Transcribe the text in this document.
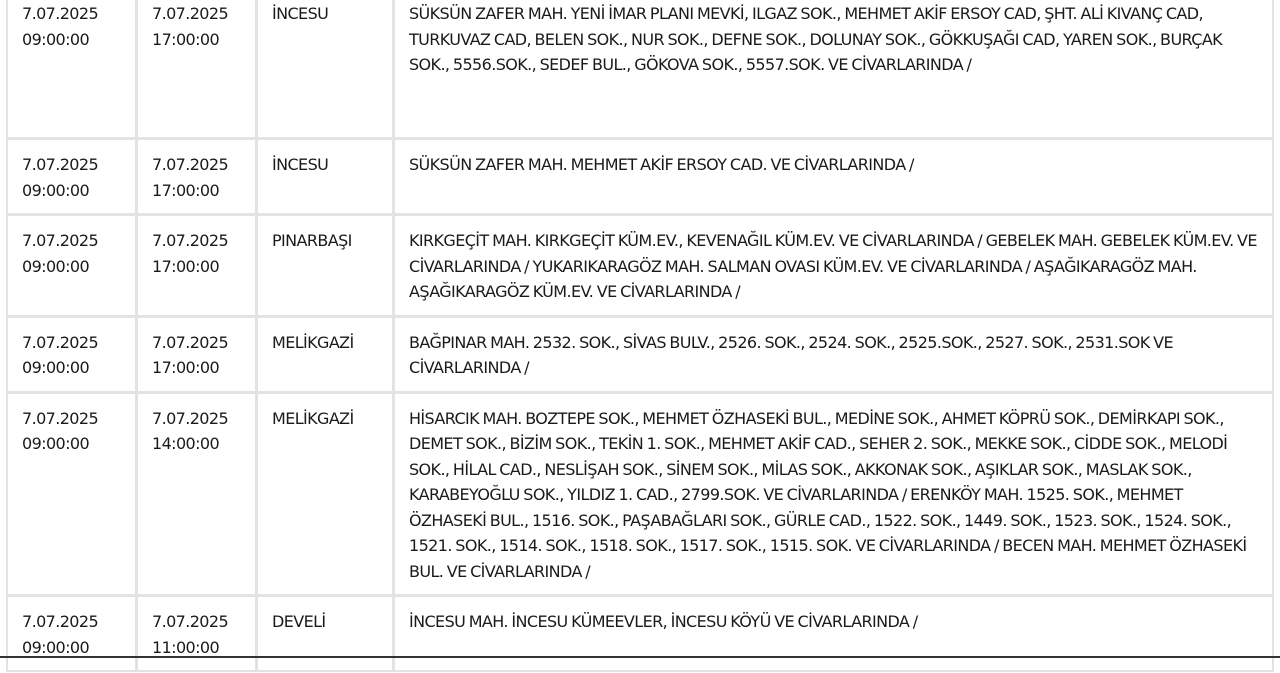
7.07.2025
09:00:00	7.07.2025
17:00:00	İNCESU	SÜKSÜN ZAFER MAH. YENİ İMAR PLANI MEVKİ, ILGAZ SOK., MEHMET AKİF ERSOY CAD, ŞHT. ALİ KIVANÇ CAD, TURKUVAZ CAD, BELEN SOK., NUR SOK., DEFNE SOK., DOLUNAY SOK., GÖKKUŞAĞI CAD, YAREN SOK., BURÇAK SOK., 5556.SOK., SEDEF BUL., GÖKOVA SOK., 5557.SOK. VE CİVARLARINDA /
7.07.2025
09:00:00	7.07.2025
17:00:00	İNCESU	SÜKSÜN ZAFER MAH. MEHMET AKİF ERSOY CAD. VE CİVARLARINDA /
7.07.2025
09:00:00	7.07.2025
17:00:00	PINARBAŞI	KIRKGEÇİT MAH. KIRKGEÇİT KÜM.EV., KEVENAĞIL KÜM.EV. VE CİVARLARINDA / GEBELEK MAH. GEBELEK KÜM.EV. VE CİVARLARINDA / YUKARIKARAGÖZ MAH. SALMAN OVASI KÜM.EV. VE CİVARLARINDA / AŞAĞIKARAGÖZ MAH. AŞAĞIKARAGÖZ KÜM.EV. VE CİVARLARINDA /
7.07.2025
09:00:00	7.07.2025
17:00:00	MELİKGAZİ	BAĞPINAR MAH. 2532. SOK., SİVAS BULV., 2526. SOK., 2524. SOK., 2525.SOK., 2527. SOK., 2531.SOK VE CİVARLARINDA /
7.07.2025
09:00:00	7.07.2025
14:00:00	MELİKGAZİ	HİSARCIK MAH. BOZTEPE SOK., MEHMET ÖZHASEKİ BUL., MEDİNE SOK., AHMET KÖPRÜ SOK., DEMİRKAPI SOK., DEMET SOK., BİZİM SOK., TEKİN 1. SOK., MEHMET AKİF CAD., SEHER 2. SOK., MEKKE SOK., CİDDE SOK., MELODİ SOK., HİLAL CAD., NESLİŞAH SOK., SİNEM SOK., MİLAS SOK., AKKONAK SOK., AŞIKLAR SOK., MASLAK SOK., KARABEYOĞLU SOK., YILDIZ 1. CAD., 2799.SOK. VE CİVARLARINDA / ERENKÖY MAH. 1525. SOK., MEHMET ÖZHASEKİ BUL., 1516. SOK., PAŞABAĞLARI SOK., GÜRLE CAD., 1522. SOK., 1449. SOK., 1523. SOK., 1524. SOK., 1521. SOK., 1514. SOK., 1518. SOK., 1517. SOK., 1515. SOK. VE CİVARLARINDA / BECEN MAH. MEHMET ÖZHASEKİ BUL. VE CİVARLARINDA /
7.07.2025
09:00:00	7.07.2025
11:00:00	DEVELİ	İNCESU MAH. İNCESU KÜMEEVLER, İNCESU KÖYÜ VE CİVARLARINDA /
